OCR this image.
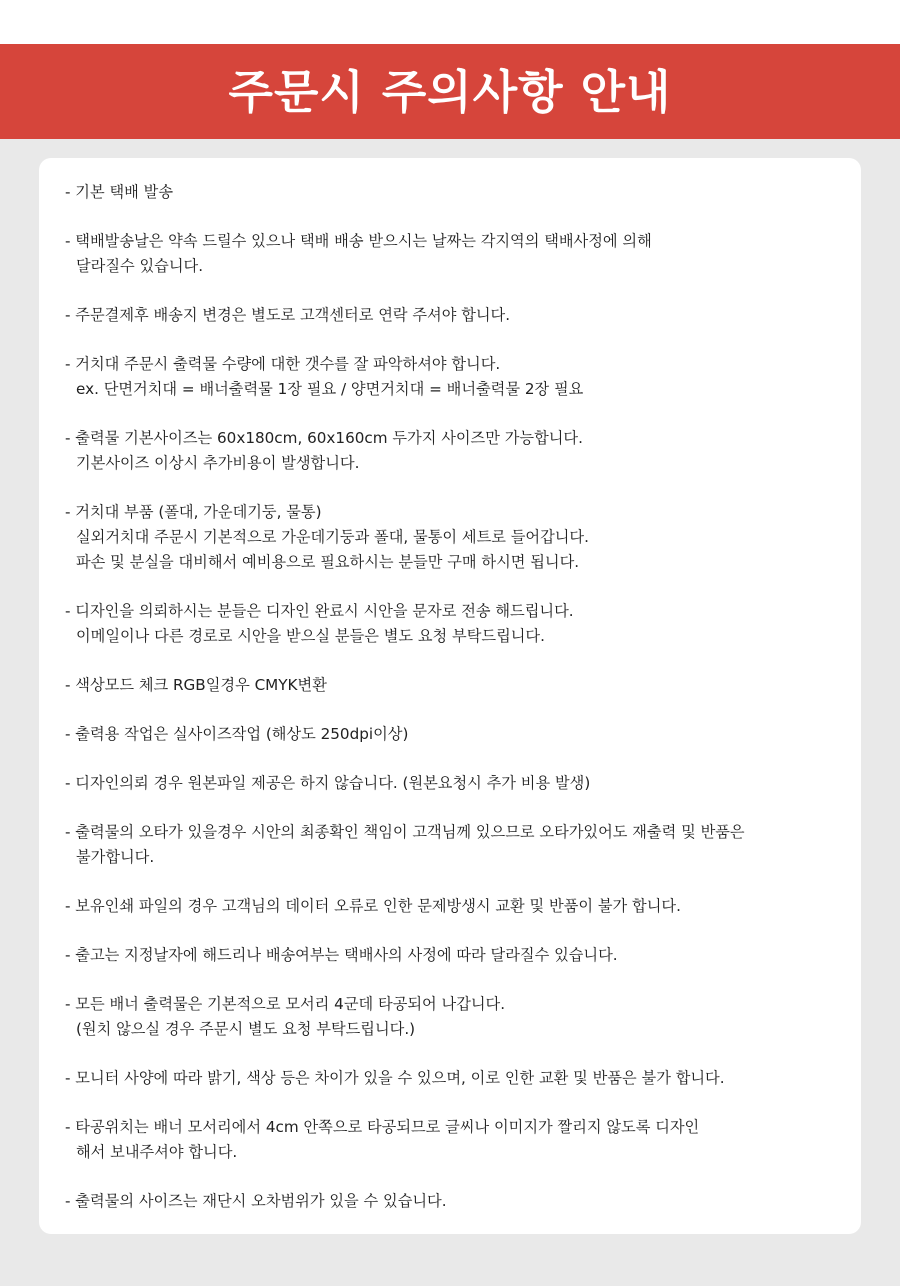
주문시 주의사항 안내
- 기본 택배 발송
- 택배발송날은 약속 드릴수 있으나 택배 배송 받으시는 날짜는 각지역의 택배사정에 의해
달라질수 있습니다.
- 주문결제후 배송지 변경은 별도로 고객센터로 연락 주셔야 합니다.
- 거치대 주문시 출력물 수량에 대한 갯수를 잘 파악하셔야 합니다.
ex. 단면거치대 = 배너출력물 1장 필요 / 양면거치대 = 배너출력물 2장 필요
- 출력물 기본사이즈는 60x180cm, 60x160cm 두가지 사이즈만 가능합니다.
기본사이즈 이상시 추가비용이 발생합니다.
- 거치대 부품 (폴대, 가운데기둥, 물통)
실외거치대 주문시 기본적으로 가운데기둥과 폴대, 물통이 세트로 들어갑니다.
파손 및 분실을 대비해서 예비용으로 필요하시는 분들만 구매 하시면 됩니다.
- 디자인을 의뢰하시는 분들은 디자인 완료시 시안을 문자로 전송 해드립니다.
이메일이나 다른 경로로 시안을 받으실 분들은 별도 요청 부탁드립니다.
- 색상모드 체크 RGB일경우 CMYK변환
- 출력용 작업은 실사이즈작업 (해상도 250dpi이상)
- 디자인의뢰 경우 원본파일 제공은 하지 않습니다. (원본요청시 추가 비용 발생)
- 출력물의 오타가 있을경우 시안의 최종확인 책임이 고객님께 있으므로 오타가있어도 재출력 및 반품은
불가합니다.
- 보유인쇄 파일의 경우 고객님의 데이터 오류로 인한 문제방생시 교환 및 반품이 불가 합니다.
- 출고는 지정날자에 해드리나 배송여부는 택배사의 사정에 따라 달라질수 있습니다.
- 모든 배너 출력물은 기본적으로 모서리 4군데 타공되어 나갑니다.
(원치 않으실 경우 주문시 별도 요청 부탁드립니다.)
- 모니터 사양에 따라 밝기, 색상 등은 차이가 있을 수 있으며, 이로 인한 교환 및 반품은 불가 합니다.
- 타공위치는 배너 모서리에서 4cm 안쪽으로 타공되므로 글씨나 이미지가 짤리지 않도록 디자인
해서 보내주셔야 합니다.
- 출력물의 사이즈는 재단시 오차범위가 있을 수 있습니다.
